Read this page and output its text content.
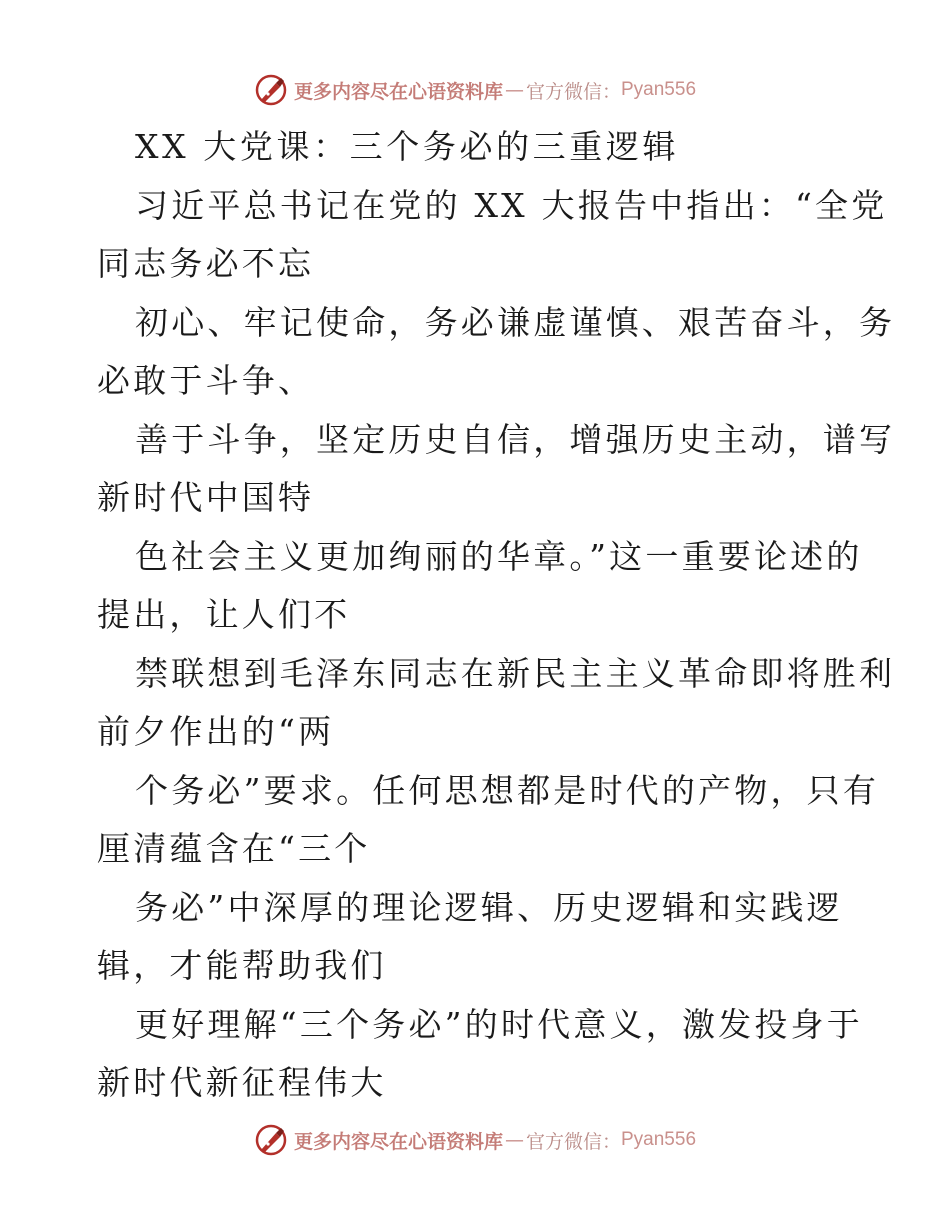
更多内容尽在心语资料库 — 官方微信： Pyan556
XX 大党课：三个务必的三重逻辑
习近平总书记在党的 XX 大报告中指出：“全党
同志务必不忘
初心、牢记使命，务必谦虚谨慎、艰苦奋斗，务
必敢于斗争、
善于斗争，坚定历史自信，增强历史主动，谱写
新时代中国特
色社会主义更加绚丽的华章。”这一重要论述的
提出，让人们不
禁联想到毛泽东同志在新民主主义革命即将胜利
前夕作出的“两
个务必”要求。任何思想都是时代的产物，只有
厘清蕴含在“三个
务必”中深厚的理论逻辑、历史逻辑和实践逻
辑，才能帮助我们
更好理解“三个务必”的时代意义，激发投身于
新时代新征程伟大
更多内容尽在心语资料库 — 官方微信： Pyan556
